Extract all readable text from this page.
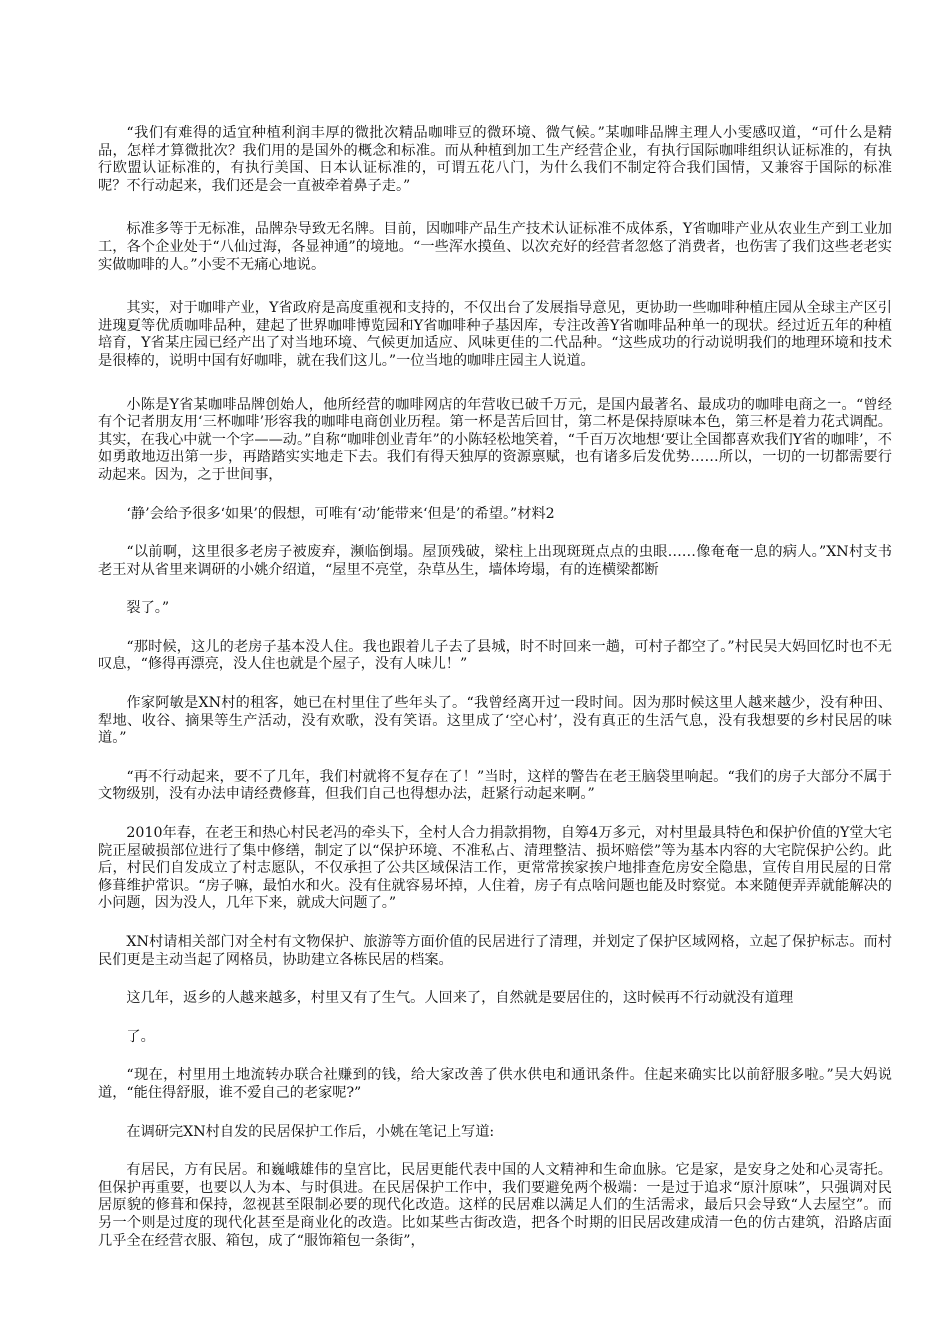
“我们有难得的适宜种植利润丰厚的微批次精品咖啡豆的微环境、微气候。”某咖啡品牌主理人小雯感叹道，“可什么是精品，怎样才算微批次？我们用的是国外的概念和标准。而从种植到加工生产经营企业，有执行国际咖啡组织认证标准的，有执行欧盟认证标准的，有执行美国、日本认证标准的，可谓五花八门，为什么我们不制定符合我们国情，又兼容于国际的标准呢？不行动起来，我们还是会一直被牵着鼻子走。”

标准多等于无标准，品牌杂导致无名牌。目前，因咖啡产品生产技术认证标准不成体系，Y省咖啡产业从农业生产到工业加工，各个企业处于“八仙过海，各显神通”的境地。“一些浑水摸鱼、以次充好的经营者忽悠了消费者，也伤害了我们这些老老实实做咖啡的人。”小雯不无痛心地说。

其实，对于咖啡产业，Y省政府是高度重视和支持的，不仅出台了发展指导意见，更协助一些咖啡种植庄园从全球主产区引进瑰夏等优质咖啡品种，建起了世界咖啡博览园和Y省咖啡种子基因库，专注改善Y省咖啡品种单一的现状。经过近五年的种植培育，Y省某庄园已经产出了对当地环境、气候更加适应、风味更佳的二代品种。“这些成功的行动说明我们的地理环境和技术是很棒的，说明中国有好咖啡，就在我们这儿。”一位当地的咖啡庄园主人说道。

小陈是Y省某咖啡品牌创始人，他所经营的咖啡网店的年营收已破千万元，是国内最著名、最成功的咖啡电商之一。“曾经有个记者朋友用‘三杯咖啡’形容我的咖啡电商创业历程。第一杯是苦后回甘，第二杯是保持原味本色，第三杯是着力花式调配。其实，在我心中就一个字——动。”自称“咖啡创业青年”的小陈轻松地笑着，“千百万次地想‘要让全国都喜欢我们Y省的咖啡’，不如勇敢地迈出第一步，再踏踏实实地走下去。我们有得天独厚的资源禀赋，也有诸多后发优势……所以，一切的一切都需要行动起来。因为，之于世间事，

‘静’会给予很多‘如果’的假想，可唯有‘动’能带来‘但是’的希望。”材料2

“以前啊，这里很多老房子被废弃，濒临倒塌。屋顶残破，梁柱上出现斑斑点点的虫眼……像奄奄一息的病人。”XN村支书老王对从省里来调研的小姚介绍道，“屋里不亮堂，杂草丛生，墙体垮塌，有的连横梁都断

裂了。”

“那时候，这儿的老房子基本没人住。我也跟着儿子去了县城，时不时回来一趟，可村子都空了。”村民吴大妈回忆时也不无叹息，“修得再漂亮，没人住也就是个屋子，没有人味儿！”

作家阿敏是XN村的租客，她已在村里住了些年头了。“我曾经离开过一段时间。因为那时候这里人越来越少，没有种田、犁地、收谷、摘果等生产活动，没有欢歌，没有笑语。这里成了‘空心村’，没有真正的生活气息，没有我想要的乡村民居的味道。”

“再不行动起来，要不了几年，我们村就将不复存在了！”当时，这样的警告在老王脑袋里响起。“我们的房子大部分不属于文物级别，没有办法申请经费修葺，但我们自己也得想办法，赶紧行动起来啊。”

2010年春，在老王和热心村民老冯的牵头下，全村人合力捐款捐物，自筹4万多元，对村里最具特色和保护价值的Y堂大宅院正屋破损部位进行了集中修缮，制定了以“保护环境、不准私占、清理整洁、损坏赔偿”等为基本内容的大宅院保护公约。此后，村民们自发成立了村志愿队，不仅承担了公共区域保洁工作，更常常挨家挨户地排查危房安全隐患，宣传自用民屋的日常修葺维护常识。“房子嘛，最怕水和火。没有住就容易坏掉，人住着，房子有点啥问题也能及时察觉。本来随便弄弄就能解决的小问题，因为没人，几年下来，就成大问题了。”

XN村请相关部门对全村有文物保护、旅游等方面价值的民居进行了清理，并划定了保护区域网格，立起了保护标志。而村民们更是主动当起了网格员，协助建立各栋民居的档案。

这几年，返乡的人越来越多，村里又有了生气。人回来了，自然就是要居住的，这时候再不行动就没有道理

了。

“现在，村里用土地流转办联合社赚到的钱，给大家改善了供水供电和通讯条件。住起来确实比以前舒服多啦。”吴大妈说道，“能住得舒服，谁不爱自己的老家呢?”

在调研完XN村自发的民居保护工作后，小姚在笔记上写道:

有居民，方有民居。和巍峨雄伟的皇宫比，民居更能代表中国的人文精神和生命血脉。它是家，是安身之处和心灵寄托。但保护再重要，也要以人为本、与时俱进。在民居保护工作中，我们要避免两个极端：一是过于追求“原汁原味”，只强调对民居原貌的修葺和保持，忽视甚至限制必要的现代化改造。这样的民居难以满足人们的生活需求，最后只会导致“人去屋空”。而另一个则是过度的现代化甚至是商业化的改造。比如某些古街改造，把各个时期的旧民居改建成清一色的仿古建筑，沿路店面几乎全在经营衣服、箱包，成了“服饰箱包一条街”，
